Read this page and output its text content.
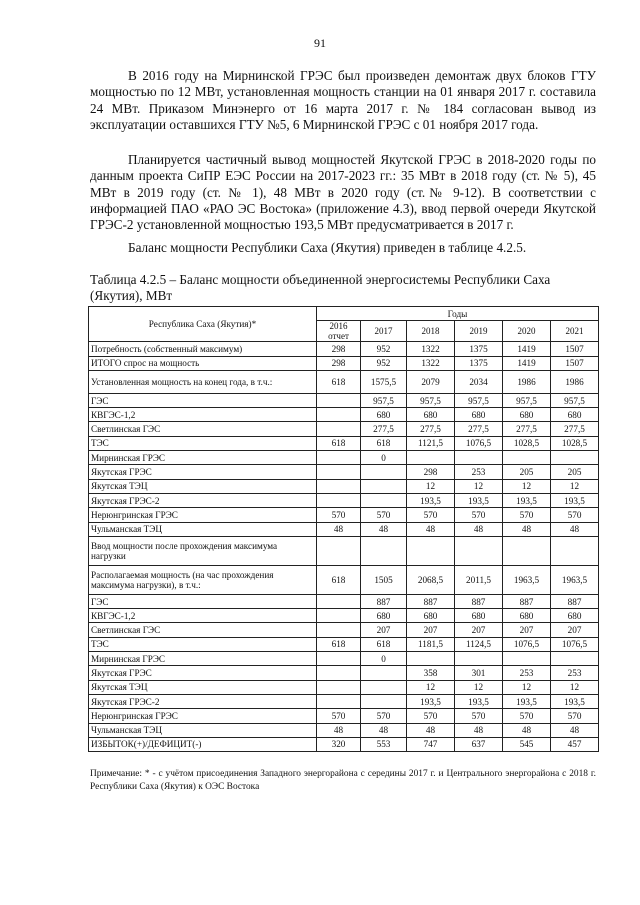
91

В 2016 году на Мирнинской ГРЭС был произведен демонтаж двух блоков ГТУ мощностью по 12 МВт, установленная мощность станции на 01 января 2017 г. составила 24 МВт. Приказом Минэнерго от 16 марта 2017 г. № 184 согласован вывод из эксплуатации оставшихся ГТУ №5, 6 Мирнинской ГРЭС с 01 ноября 2017 года.

Планируется частичный вывод мощностей Якутской ГРЭС в 2018-2020 годы по данным проекта СиПР ЕЭС России на 2017-2023 гг.: 35 МВт в 2018 году (ст. № 5), 45 МВт в 2019 году (ст. № 1), 48 МВт в 2020 году (ст.№ 9-12). В соответствии с информацией ПАО «РАО ЭС Востока» (приложение 4.3), ввод первой очереди Якутской ГРЭС-2 установленной мощностью 193,5 МВт предусматривается в 2017 г.

Баланс мощности Республики Саха (Якутия) приведен в таблице 4.2.5.

Таблица 4.2.5 – Баланс мощности объединенной энергосистемы Республики Саха (Якутия), МВт

Республика Саха (Якутия)*	Годы					
	2016 отчет	2017	2018	2019	2020	2021
Потребность (собственный максимум)	298	952	1322	1375	1419	1507
ИТОГО спрос на мощность	298	952	1322	1375	1419	1507
Установленная мощность на конец года, в т.ч.:	618	1575,5	2079	2034	1986	1986
ГЭС		957,5	957,5	957,5	957,5	957,5
КВГЭС-1,2		680	680	680	680	680
Светлинская ГЭС		277,5	277,5	277,5	277,5	277,5
ТЭС	618	618	1121,5	1076,5	1028,5	1028,5
Мирнинская ГРЭС		0				
Якутская ГРЭС			298	253	205	205
Якутская ТЭЦ			12	12	12	12
Якутская ГРЭС-2			193,5	193,5	193,5	193,5
Нерюнгринская ГРЭС	570	570	570	570	570	570
Чульманская ТЭЦ	48	48	48	48	48	48
Ввод мощности после прохождения максимума нагрузки						
Располагаемая мощность (на час прохождения максимума нагрузки), в т.ч.:	618	1505	2068,5	2011,5	1963,5	1963,5
ГЭС		887	887	887	887	887
КВГЭС-1,2		680	680	680	680	680
Светлинская ГЭС		207	207	207	207	207
ТЭС	618	618	1181,5	1124,5	1076,5	1076,5
Мирнинская ГРЭС		0				
Якутская ГРЭС			358	301	253	253
Якутская ТЭЦ			12	12	12	12
Якутская ГРЭС-2			193,5	193,5	193,5	193,5
Нерюнгринская ГРЭС	570	570	570	570	570	570
Чульманская ТЭЦ	48	48	48	48	48	48
ИЗБЫТОК(+)/ДЕФИЦИТ(-)	320	553	747	637	545	457

Примечание: * - с учётом присоединения Западного энергорайона с середины 2017 г. и Центрального энергорайона с 2018 г. Республики Саха (Якутия) к ОЭС Востока
